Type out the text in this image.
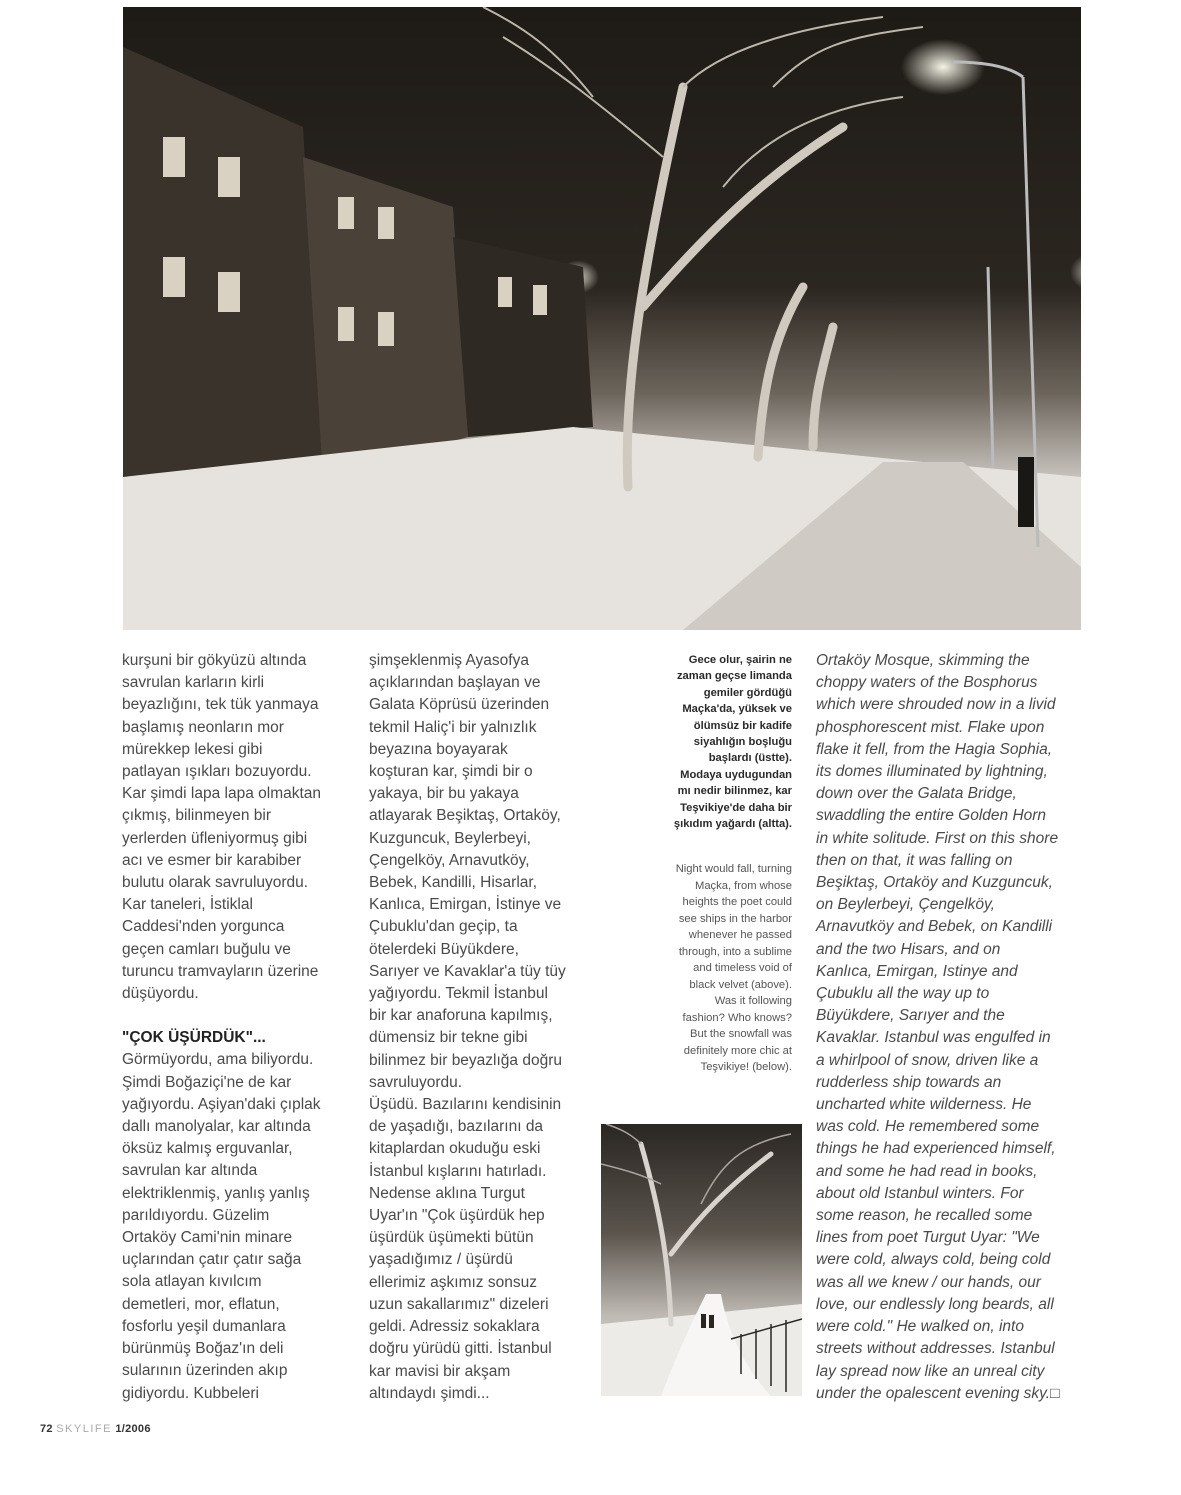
kurşuni bir gökyüzü altında
savrulan karların kirli
beyazlığını, tek tük yanmaya
başlamış neonların mor
mürekkep lekesi gibi
patlayan ışıkları bozuyordu.
Kar şimdi lapa lapa olmaktan
çıkmış, bilinmeyen bir
yerlerden üfleniyormuş gibi
acı ve esmer bir karabiber
bulutu olarak savruluyordu.
Kar taneleri, İstiklal
Caddesi'nden yorgunca
geçen camları buğulu ve
turuncu tramvayların üzerine
düşüyordu.

"ÇOK ÜŞÜRDÜK"...

Görmüyordu, ama biliyordu.
Şimdi Boğaziçi'ne de kar
yağıyordu. Aşiyan'daki çıplak
dallı manolyalar, kar altında
öksüz kalmış erguvanlar,
savrulan kar altında
elektriklenmiş, yanlış yanlış
parıldıyordu. Güzelim
Ortaköy Cami'nin minare
uçlarından çatır çatır sağa
sola atlayan kıvılcım
demetleri, mor, eflatun,
fosforlu yeşil dumanlara
bürünmüş Boğaz'ın deli
sularının üzerinden akıp
gidiyordu. Kubbeleri

şimşeklenmiş Ayasofya
açıklarından başlayan ve
Galata Köprüsü üzerinden
tekmil Haliç'i bir yalnızlık
beyazına boyayarak
koşturan kar, şimdi bir o
yakaya, bir bu yakaya
atlayarak Beşiktaş, Ortaköy,
Kuzguncuk, Beylerbeyi,
Çengelköy, Arnavutköy,
Bebek, Kandilli, Hisarlar,
Kanlıca, Emirgan, İstinye ve
Çubuklu'dan geçip, ta
ötelerdeki Büyükdere,
Sarıyer ve Kavaklar'a tüy tüy
yağıyordu. Tekmil İstanbul
bir kar anaforuna kapılmış,
dümensiz bir tekne gibi
bilinmez bir beyazlığa doğru
savruluyordu.

Üşüdü. Bazılarını kendisinin
de yaşadığı, bazılarını da
kitaplardan okuduğu eski
İstanbul kışlarını hatırladı.
Nedense aklına Turgut
Uyar'ın "Çok üşürdük hep
üşürdük üşümekti bütün
yaşadığımız / üşürdü
ellerimiz aşkımız sonsuz
uzun sakallarımız" dizeleri
geldi. Adressiz sokaklara
doğru yürüdü gitti. İstanbul
kar mavisi bir akşam
altındaydı şimdi...

Gece olur, şairin ne
zaman geçse limanda
gemiler gördüğü
Maçka'da, yüksek ve
ölümsüz bir kadife
siyahlığın boşluğu
başlardı (üstte).
Modaya uydugundan
mı nedir bilinmez, kar
Teşvikiye'de daha bir
şıkıdım yağardı (altta).

Night would fall, turning
Maçka, from whose
heights the poet could
see ships in the harbor
whenever he passed
through, into a sublime
and timeless void of
black velvet (above).
Was it following
fashion? Who knows?
But the snowfall was
definitely more chic at
Teşvikiye! (below).

Ortaköy Mosque, skimming the
choppy waters of the Bosphorus
which were shrouded now in a livid
phosphorescent mist. Flake upon
flake it fell, from the Hagia Sophia,
its domes illuminated by lightning,
down over the Galata Bridge,
swaddling the entire Golden Horn
in white solitude. First on this shore
then on that, it was falling on
Beşiktaş, Ortaköy and Kuzguncuk,
on Beylerbeyi, Çengelköy,
Arnavutköy and Bebek, on Kandilli
and the two Hisars, and on
Kanlıca, Emirgan, Istinye and
Çubuklu all the way up to
Büyükdere, Sarıyer and the
Kavaklar. Istanbul was engulfed in
a whirlpool of snow, driven like a
rudderless ship towards an
uncharted white wilderness. He
was cold. He remembered some
things he had experienced himself,
and some he had read in books,
about old Istanbul winters. For
some reason, he recalled some
lines from poet Turgut Uyar: "We
were cold, always cold, being cold
was all we knew / our hands, our
love, our endlessly long beards, all
were cold." He walked on, into
streets without addresses. Istanbul
lay spread now like an unreal city
under the opalescent evening sky.□

72 SKYLIFE 1/2006
